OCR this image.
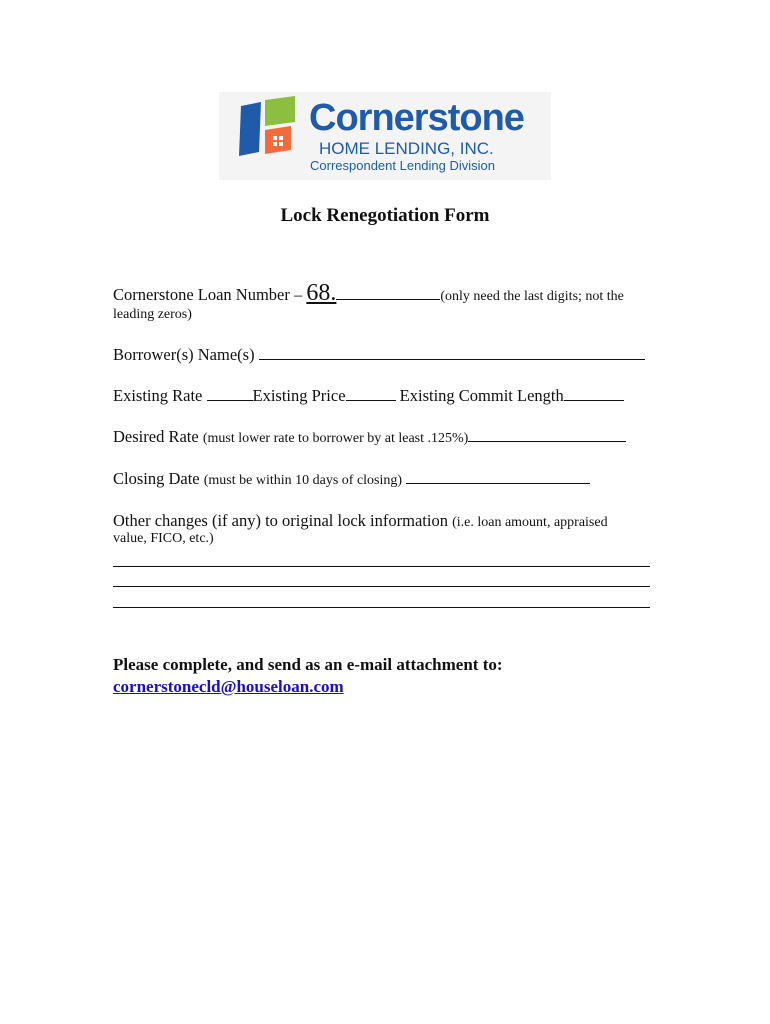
Cornerstone
HOME LENDING, INC.
Correspondent Lending Division
Lock Renegotiation Form
Cornerstone Loan Number – 68.	(only need the last digits; not the
leading zeros)
Borrower(s) Name(s)
Existing Rate	Existing Price	Existing Commit Length
Desired Rate (must lower rate to borrower by at least .125%)
Closing Date (must be within 10 days of closing)
Other changes (if any) to original lock information (i.e. loan amount, appraised
value, FICO, etc.)
Please complete, and send as an e-mail attachment to:
cornerstonecld@houseloan.com
